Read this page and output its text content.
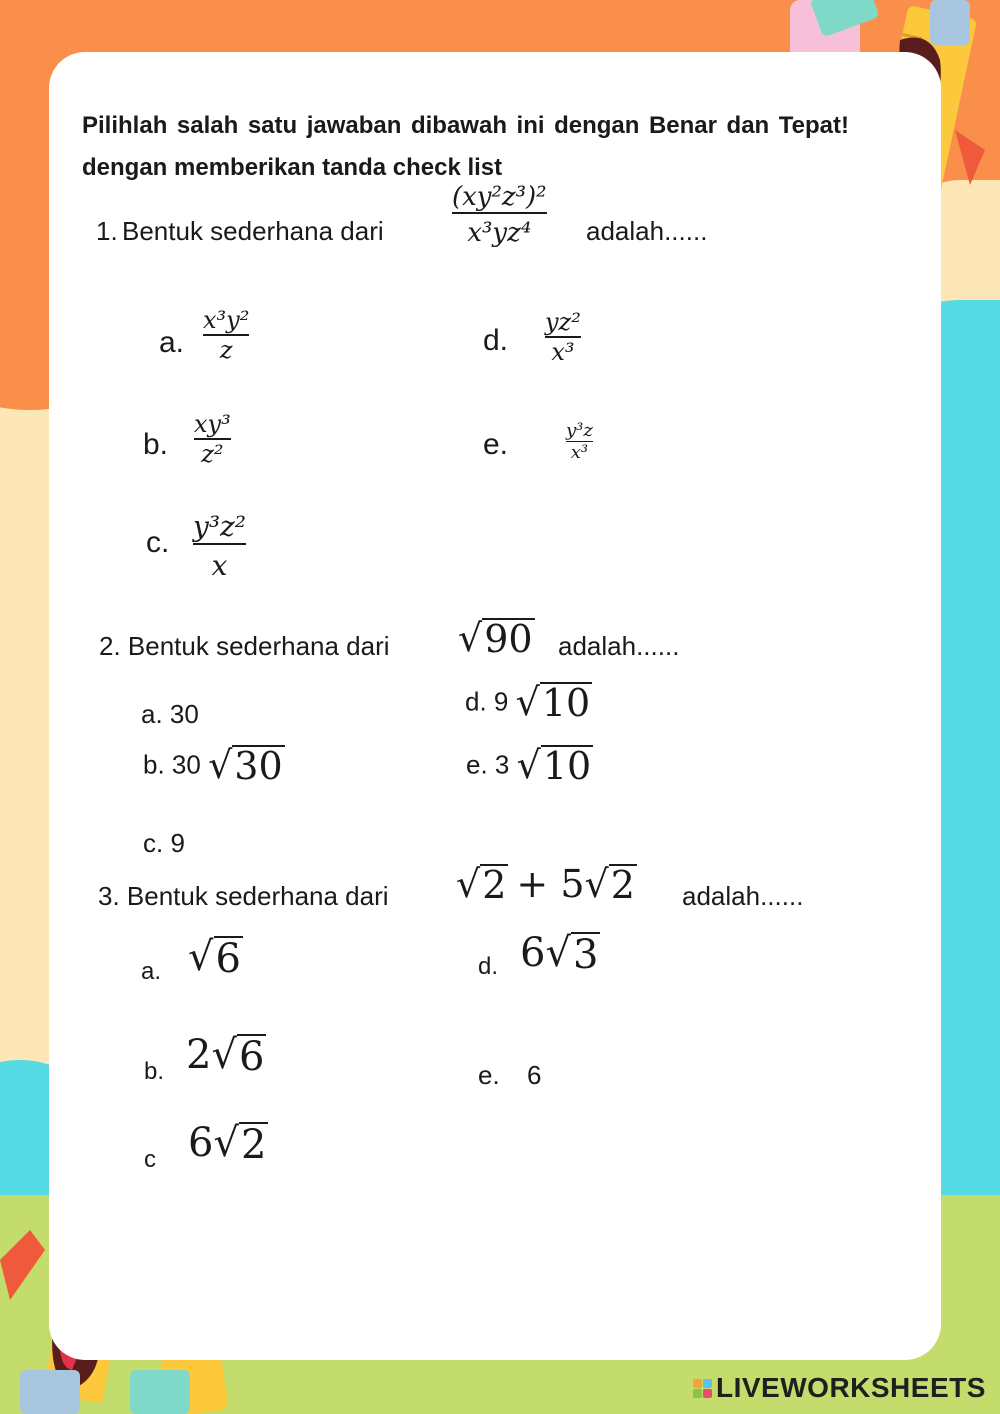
Pilihlah salah satu jawaban dibawah ini dengan Benar dan Tepat! dengan memberikan tanda check list
1. Bentuk sederhana dari
(xy²z³)²
x³yz⁴ adalah......
a.
x³y²
z
b.
xy³
z²
c. y³z²
x
d.
yz²
x³
e.	y³z
x³
2. Bentuk sederhana dari √ 90 adalah......
a. 30
b. 30 √ 30
c. 9
d. 9 √ 10
e. 3 √ 10
3. Bentuk sederhana dari √ 2 + 5 √ 2 adalah......
a. √ 6
b. 2 √ 6
c 6 √ 2
d. 6 √ 3
e. 6
LIVEWORKSHEETS
